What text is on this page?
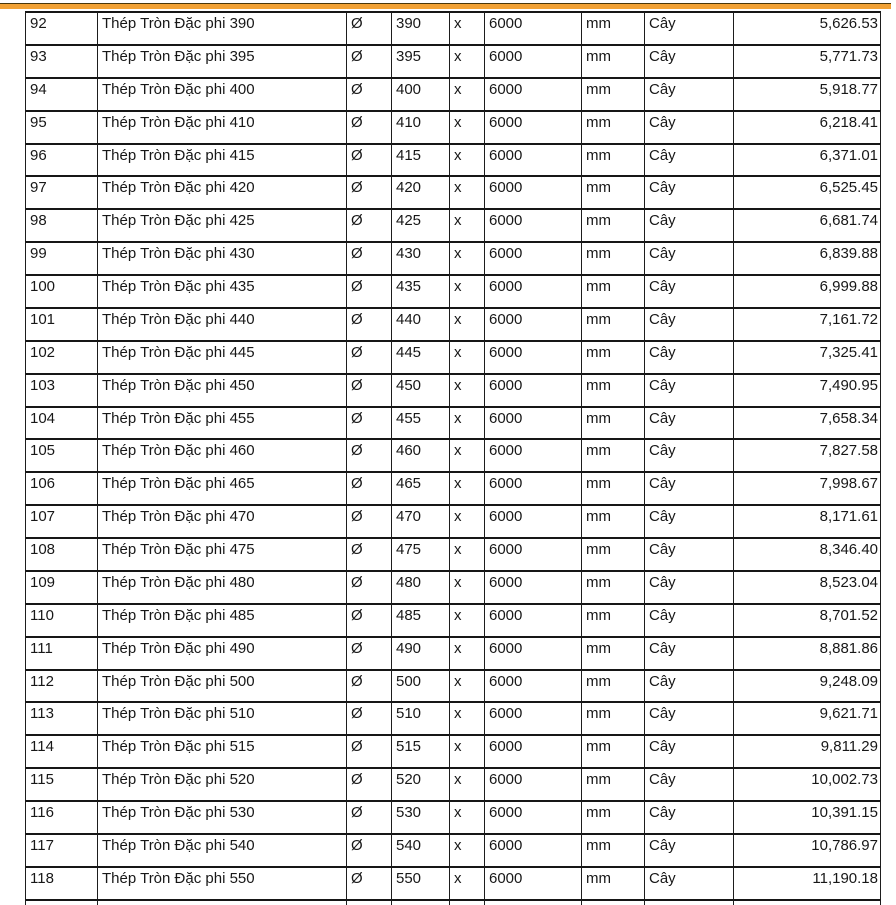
92	Thép Tròn Đặc phi 390	Ø	390	x	6000	mm	Cây	5,626.53
93	Thép Tròn Đặc phi 395	Ø	395	x	6000	mm	Cây	5,771.73
94	Thép Tròn Đặc phi 400	Ø	400	x	6000	mm	Cây	5,918.77
95	Thép Tròn Đặc phi 410	Ø	410	x	6000	mm	Cây	6,218.41
96	Thép Tròn Đặc phi 415	Ø	415	x	6000	mm	Cây	6,371.01
97	Thép Tròn Đặc phi 420	Ø	420	x	6000	mm	Cây	6,525.45
98	Thép Tròn Đặc phi 425	Ø	425	x	6000	mm	Cây	6,681.74
99	Thép Tròn Đặc phi 430	Ø	430	x	6000	mm	Cây	6,839.88
100	Thép Tròn Đặc phi 435	Ø	435	x	6000	mm	Cây	6,999.88
101	Thép Tròn Đặc phi 440	Ø	440	x	6000	mm	Cây	7,161.72
102	Thép Tròn Đặc phi 445	Ø	445	x	6000	mm	Cây	7,325.41
103	Thép Tròn Đặc phi 450	Ø	450	x	6000	mm	Cây	7,490.95
104	Thép Tròn Đặc phi 455	Ø	455	x	6000	mm	Cây	7,658.34
105	Thép Tròn Đặc phi 460	Ø	460	x	6000	mm	Cây	7,827.58
106	Thép Tròn Đặc phi 465	Ø	465	x	6000	mm	Cây	7,998.67
107	Thép Tròn Đặc phi 470	Ø	470	x	6000	mm	Cây	8,171.61
108	Thép Tròn Đặc phi 475	Ø	475	x	6000	mm	Cây	8,346.40
109	Thép Tròn Đặc phi 480	Ø	480	x	6000	mm	Cây	8,523.04
110	Thép Tròn Đặc phi 485	Ø	485	x	6000	mm	Cây	8,701.52
111	Thép Tròn Đặc phi 490	Ø	490	x	6000	mm	Cây	8,881.86
112	Thép Tròn Đặc phi 500	Ø	500	x	6000	mm	Cây	9,248.09
113	Thép Tròn Đặc phi 510	Ø	510	x	6000	mm	Cây	9,621.71
114	Thép Tròn Đặc phi 515	Ø	515	x	6000	mm	Cây	9,811.29
115	Thép Tròn Đặc phi 520	Ø	520	x	6000	mm	Cây	10,002.73
116	Thép Tròn Đặc phi 530	Ø	530	x	6000	mm	Cây	10,391.15
117	Thép Tròn Đặc phi 540	Ø	540	x	6000	mm	Cây	10,786.97
118	Thép Tròn Đặc phi 550	Ø	550	x	6000	mm	Cây	11,190.18
